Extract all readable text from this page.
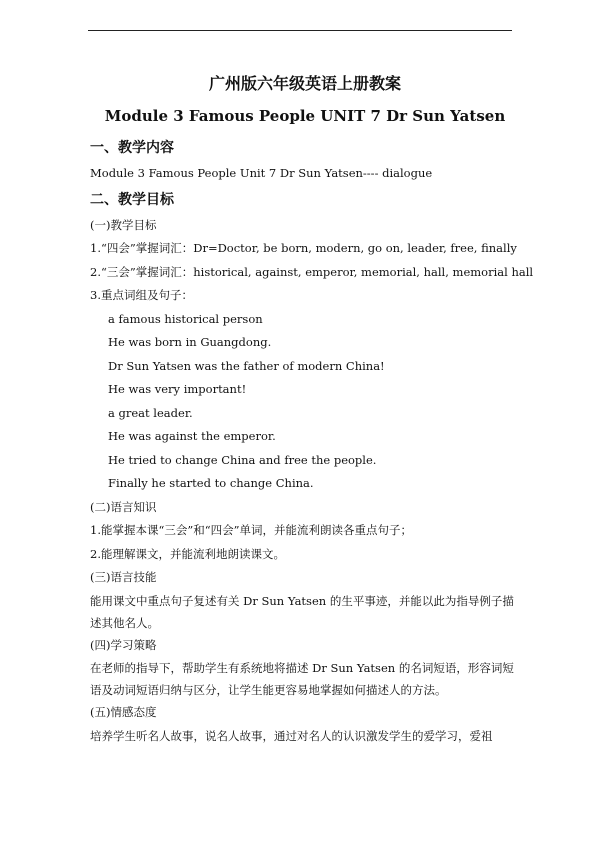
广州版六年级英语上册教案
Module 3 Famous People UNIT 7 Dr Sun Yatsen
一、教学内容
Module 3 Famous People Unit 7 Dr Sun Yatsen---- dialogue
二、教学目标
(一)教学目标
1.“四会”掌握词汇：Dr=Doctor, be born, modern, go on, leader, free, finally
2.“三会”掌握词汇：historical, against, emperor, memorial, hall, memorial hall
3.重点词组及句子：
a famous historical person
He was born in Guangdong.
Dr Sun Yatsen was the father of modern China!
He was very important!
a great leader.
He was against the emperor.
He tried to change China and free the people.
Finally he started to change China.
(二)语言知识
1.能掌握本课“三会”和“四会”单词，并能流利朗读各重点句子；
2.能理解课文，并能流利地朗读课文。
(三)语言技能
能用课文中重点句子复述有关 Dr Sun Yatsen 的生平事迹，并能以此为指导例子描述其他名人。
(四)学习策略
在老师的指导下，帮助学生有系统地将描述 Dr Sun Yatsen 的名词短语，形容词短语及动词短语归纳与区分，让学生能更容易地掌握如何描述人的方法。
(五)情感态度
培养学生听名人故事，说名人故事，通过对名人的认识激发学生的爱学习，爱祖
